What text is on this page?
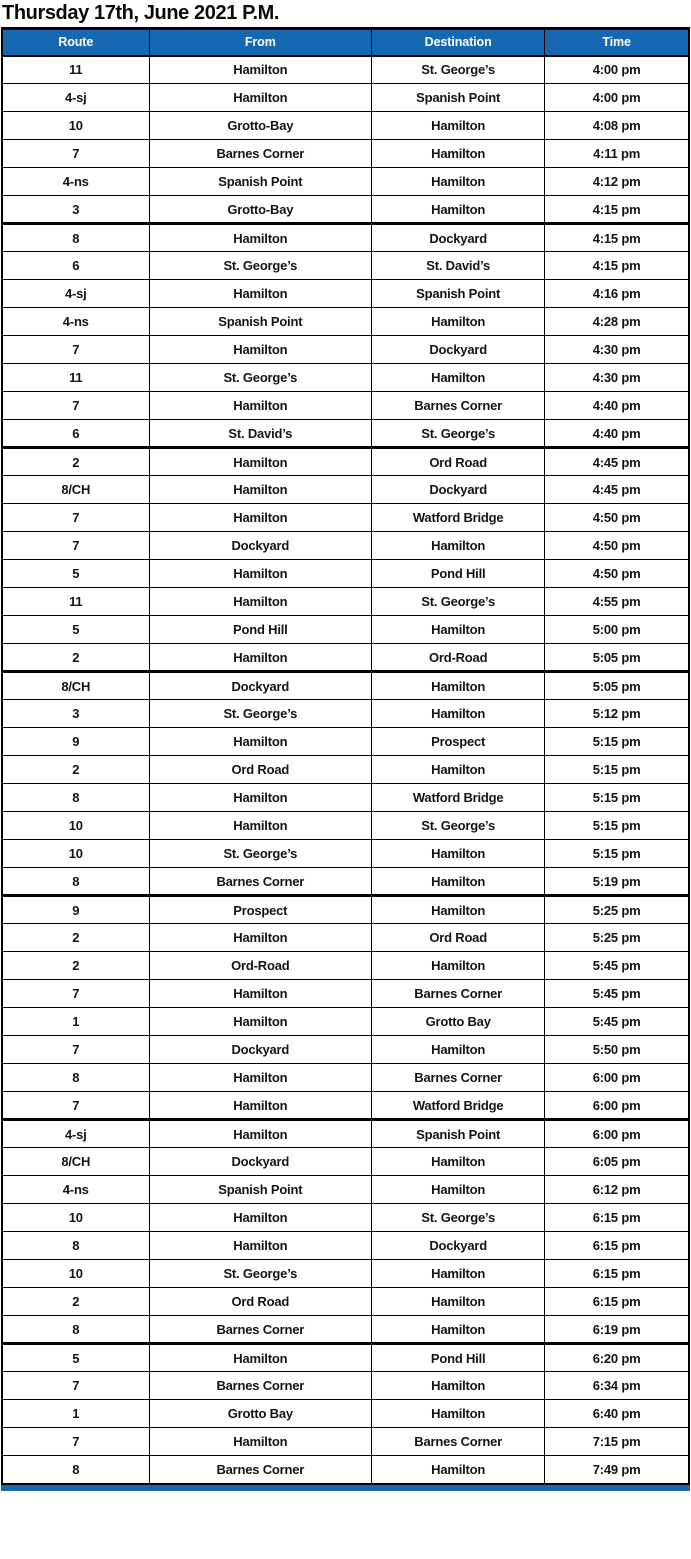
Thursday 17th, June 2021 P.M.
Route	From	Destination	Time
11	Hamilton	St. George’s	4:00 pm
4-sj	Hamilton	Spanish Point	4:00 pm
10	Grotto-Bay	Hamilton	4:08 pm
7	Barnes Corner	Hamilton	4:11 pm
4-ns	Spanish Point	Hamilton	4:12 pm
3	Grotto-Bay	Hamilton	4:15 pm
8	Hamilton	Dockyard	4:15 pm
6	St. George’s	St. David’s	4:15 pm
4-sj	Hamilton	Spanish Point	4:16 pm
4-ns	Spanish Point	Hamilton	4:28 pm
7	Hamilton	Dockyard	4:30 pm
11	St. George’s	Hamilton	4:30 pm
7	Hamilton	Barnes Corner	4:40 pm
6	St. David’s	St. George’s	4:40 pm
2	Hamilton	Ord Road	4:45 pm
8/CH	Hamilton	Dockyard	4:45 pm
7	Hamilton	Watford Bridge	4:50 pm
7	Dockyard	Hamilton	4:50 pm
5	Hamilton	Pond Hill	4:50 pm
11	Hamilton	St. George’s	4:55 pm
5	Pond Hill	Hamilton	5:00 pm
2	Hamilton	Ord-Road	5:05 pm
8/CH	Dockyard	Hamilton	5:05 pm
3	St. George’s	Hamilton	5:12 pm
9	Hamilton	Prospect	5:15 pm
2	Ord Road	Hamilton	5:15 pm
8	Hamilton	Watford Bridge	5:15 pm
10	Hamilton	St. George’s	5:15 pm
10	St. George’s	Hamilton	5:15 pm
8	Barnes Corner	Hamilton	5:19 pm
9	Prospect	Hamilton	5:25 pm
2	Hamilton	Ord Road	5:25 pm
2	Ord-Road	Hamilton	5:45 pm
7	Hamilton	Barnes Corner	5:45 pm
1	Hamilton	Grotto Bay	5:45 pm
7	Dockyard	Hamilton	5:50 pm
8	Hamilton	Barnes Corner	6:00 pm
7	Hamilton	Watford Bridge	6:00 pm
4-sj	Hamilton	Spanish Point	6:00 pm
8/CH	Dockyard	Hamilton	6:05 pm
4-ns	Spanish Point	Hamilton	6:12 pm
10	Hamilton	St. George’s	6:15 pm
8	Hamilton	Dockyard	6:15 pm
10	St. George’s	Hamilton	6:15 pm
2	Ord Road	Hamilton	6:15 pm
8	Barnes Corner	Hamilton	6:19 pm
5	Hamilton	Pond Hill	6:20 pm
7	Barnes Corner	Hamilton	6:34 pm
1	Grotto Bay	Hamilton	6:40 pm
7	Hamilton	Barnes Corner	7:15 pm
8	Barnes Corner	Hamilton	7:49 pm
